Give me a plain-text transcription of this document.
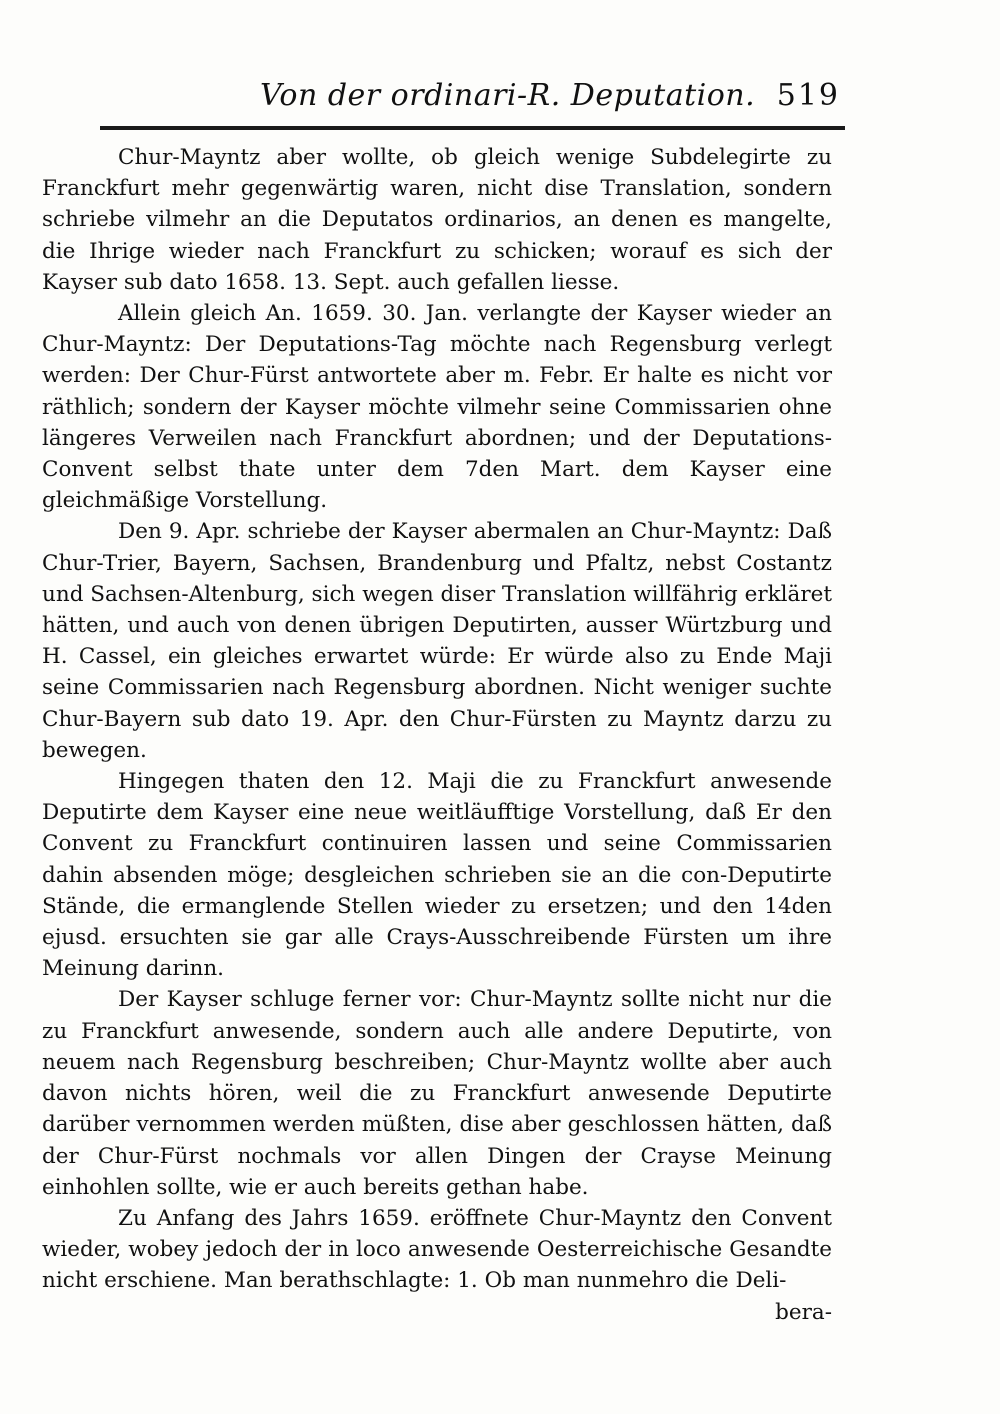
Von der ordinari-R. Deputation. 519

Chur-Mayntz aber wollte, ob gleich wenige Subdelegirte zu Franckfurt mehr gegenwärtig waren, nicht dise Translation, sondern schriebe vilmehr an die Deputatos ordinarios, an denen es mangelte, die Ihrige wieder nach Franckfurt zu schicken; worauf es sich der Kayser sub dato 1658. 13. Sept. auch gefallen liesse.

Allein gleich An. 1659. 30. Jan. verlangte der Kayser wieder an Chur-Mayntz: Der Deputations-Tag möchte nach Regensburg verlegt werden: Der Chur-Fürst antwortete aber m. Febr. Er halte es nicht vor räthlich; sondern der Kayser möchte vilmehr seine Commissarien ohne längeres Verweilen nach Franckfurt abordnen; und der Deputations-Convent selbst thate unter dem 7den Mart. dem Kayser eine gleichmäßige Vorstellung.

Den 9. Apr. schriebe der Kayser abermalen an Chur-Mayntz: Daß Chur-Trier, Bayern, Sachsen, Brandenburg und Pfaltz, nebst Costantz und Sachsen-Altenburg, sich wegen diser Translation willfährig erkläret hätten, und auch von denen übrigen Deputirten, ausser Würtzburg und H. Cassel, ein gleiches erwartet würde: Er würde also zu Ende Maji seine Commissarien nach Regensburg abordnen. Nicht weniger suchte Chur-Bayern sub dato 19. Apr. den Chur-Fürsten zu Mayntz darzu zu bewegen.

Hingegen thaten den 12. Maji die zu Franckfurt anwesende Deputirte dem Kayser eine neue weitläufftige Vorstellung, daß Er den Convent zu Franckfurt continuiren lassen und seine Commissarien dahin absenden möge; desgleichen schrieben sie an die con-Deputirte Stände, die ermanglende Stellen wieder zu ersetzen; und den 14den ejusd. ersuchten sie gar alle Crays-Ausschreibende Fürsten um ihre Meinung darinn.

Der Kayser schluge ferner vor: Chur-Mayntz sollte nicht nur die zu Franckfurt anwesende, sondern auch alle andere Deputirte, von neuem nach Regensburg beschreiben; Chur-Mayntz wollte aber auch davon nichts hören, weil die zu Franckfurt anwesende Deputirte darüber vernommen werden müßten, dise aber geschlossen hätten, daß der Chur-Fürst nochmals vor allen Dingen der Crayse Meinung einhohlen sollte, wie er auch bereits gethan habe.

Zu Anfang des Jahrs 1659. eröffnete Chur-Mayntz den Convent wieder, wobey jedoch der in loco anwesende Oesterreichische Gesandte nicht erschiene. Man berathschlagte: 1. Ob man nunmehro die Deli-

bera-
